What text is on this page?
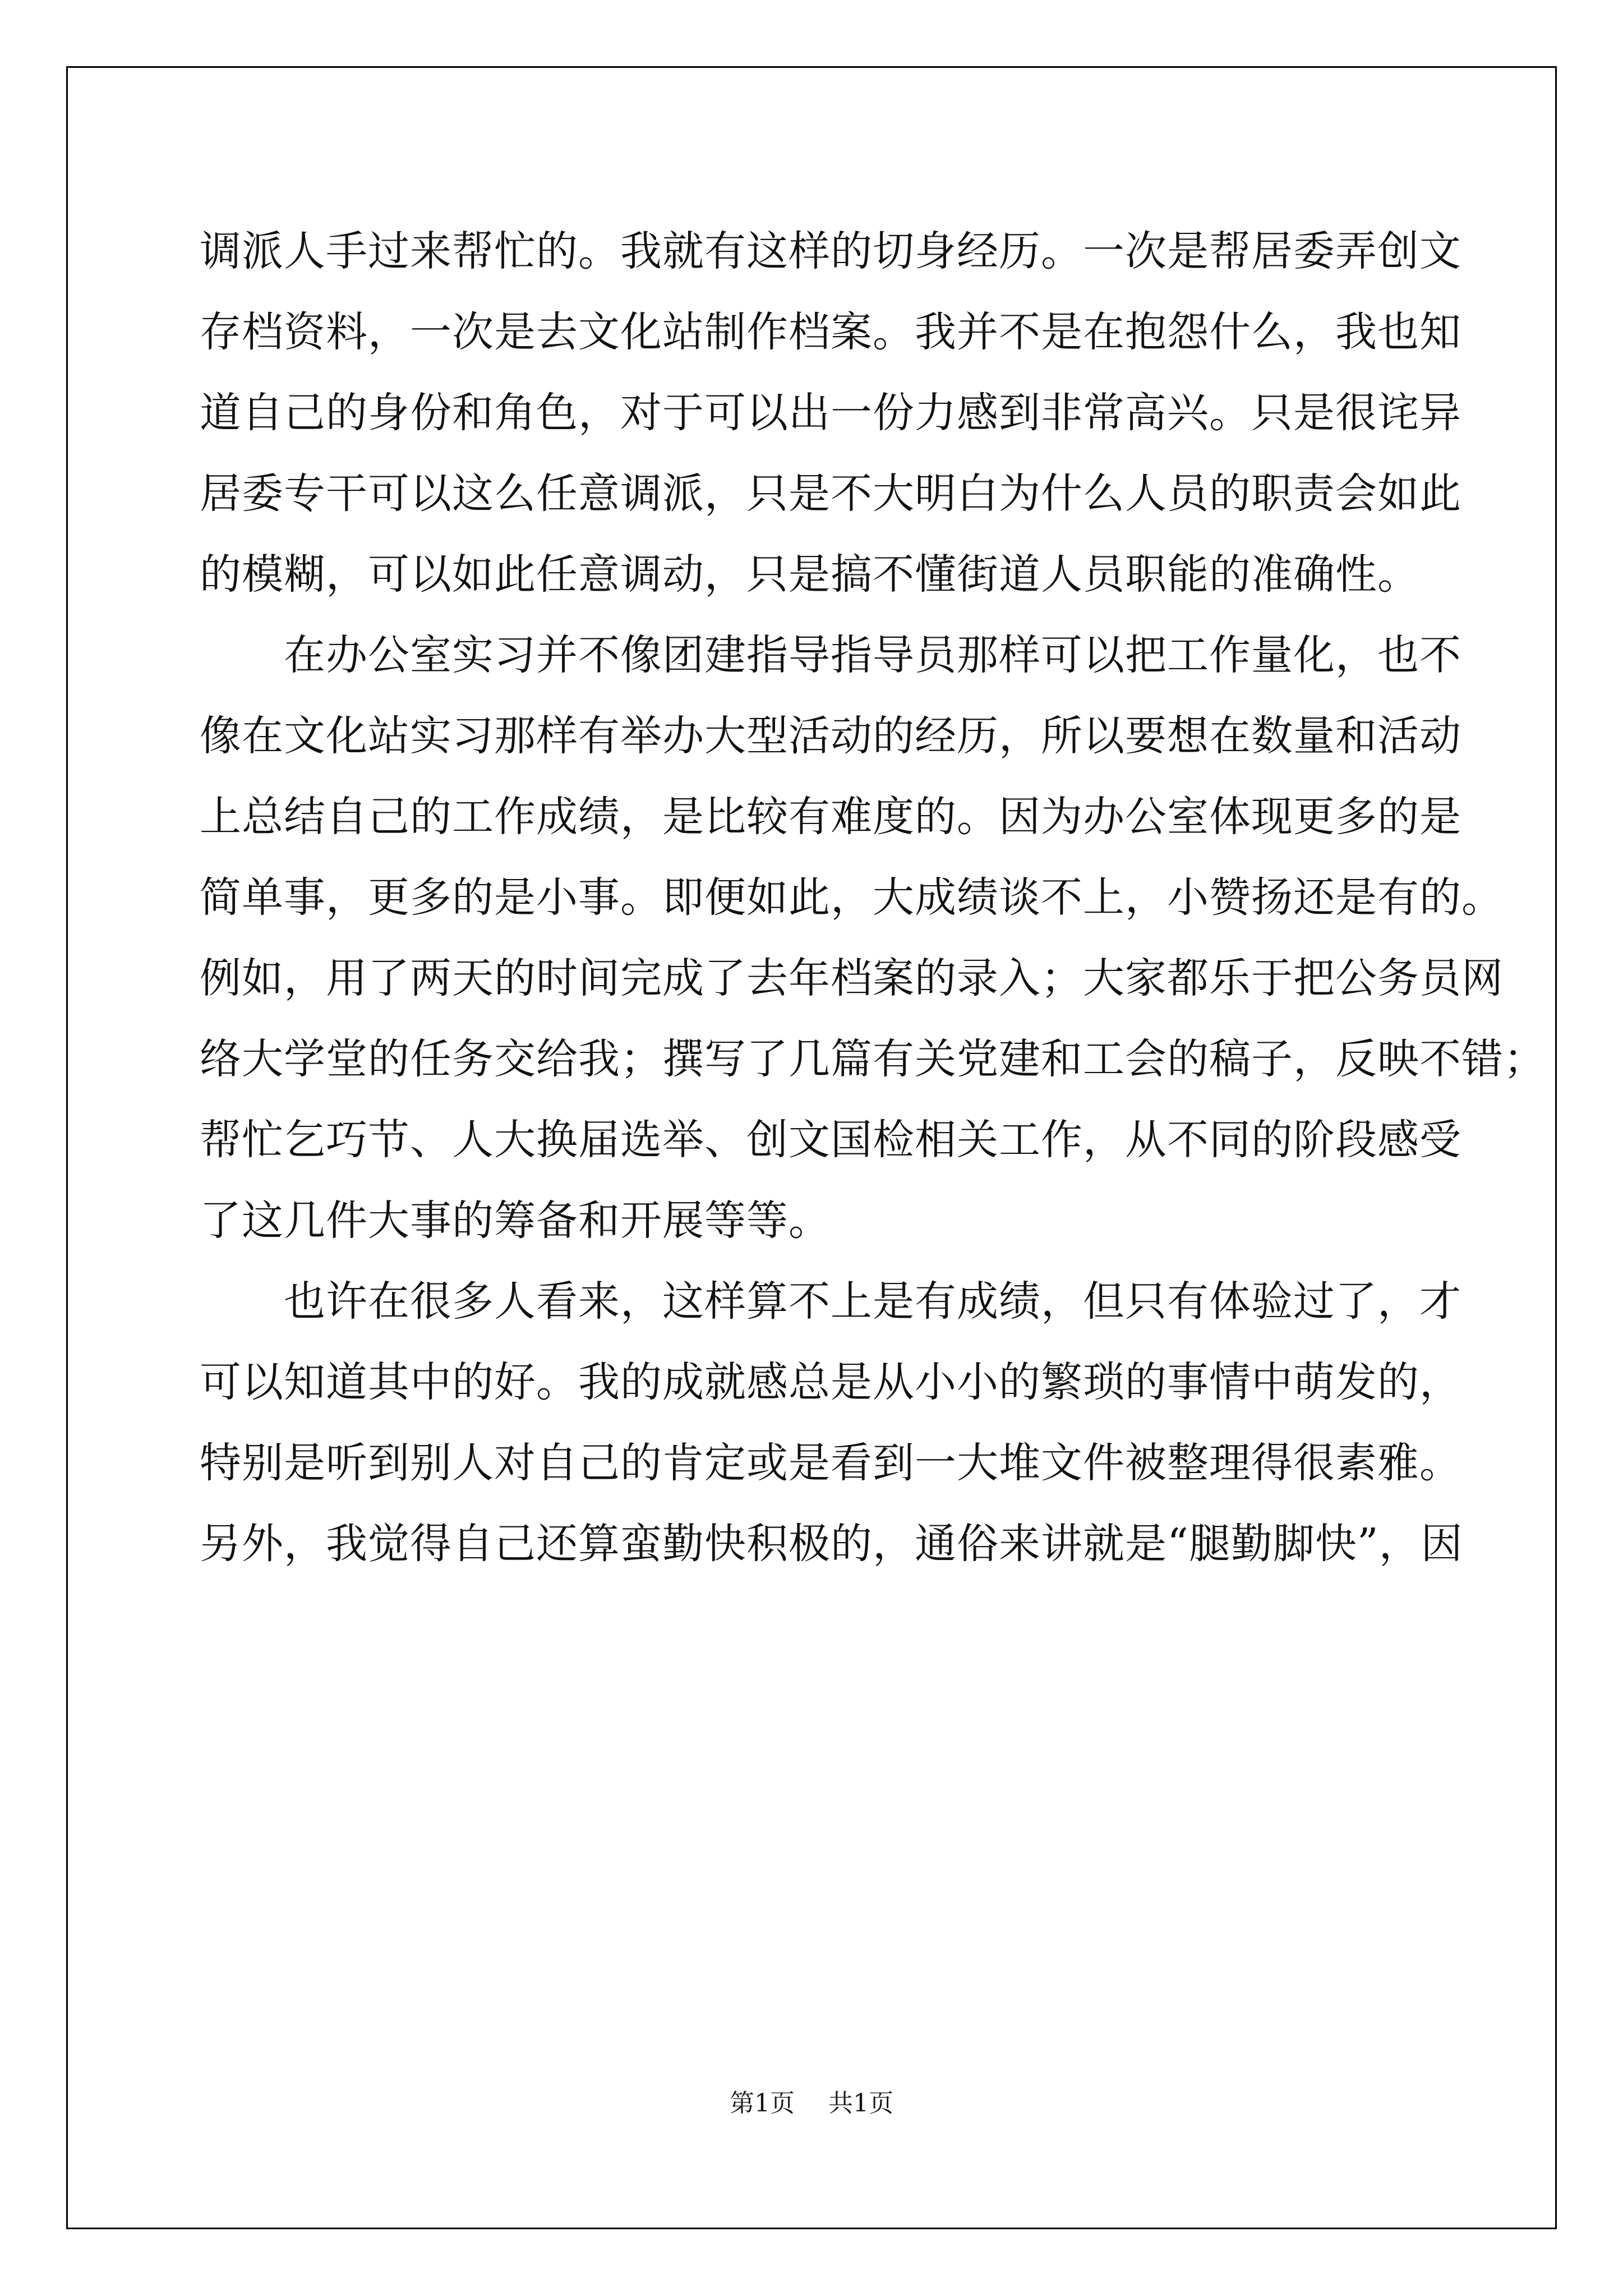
调派人手过来帮忙的。我就有这样的切身经历。一次是帮居委弄创文
存档资料，一次是去文化站制作档案。我并不是在抱怨什么，我也知
道自己的身份和角色，对于可以出一份力感到非常高兴。只是很诧异
居委专干可以这么任意调派，只是不大明白为什么人员的职责会如此
的模糊，可以如此任意调动，只是搞不懂街道人员职能的准确性。
　　在办公室实习并不像团建指导指导员那样可以把工作量化，也不
像在文化站实习那样有举办大型活动的经历，所以要想在数量和活动
上总结自己的工作成绩，是比较有难度的。因为办公室体现更多的是
简单事，更多的是小事。即便如此，大成绩谈不上，小赞扬还是有的。
例如，用了两天的时间完成了去年档案的录入；大家都乐于把公务员网
络大学堂的任务交给我；撰写了几篇有关党建和工会的稿子，反映不错；
帮忙乞巧节、人大换届选举、创文国检相关工作，从不同的阶段感受
了这几件大事的筹备和开展等等。
　　也许在很多人看来，这样算不上是有成绩，但只有体验过了，才
可以知道其中的好。我的成就感总是从小小的繁琐的事情中萌发的，
特别是听到别人对自己的肯定或是看到一大堆文件被整理得很素雅。
另外，我觉得自己还算蛮勤快积极的，通俗来讲就是“腿勤脚快”，因
第1页 共1页
